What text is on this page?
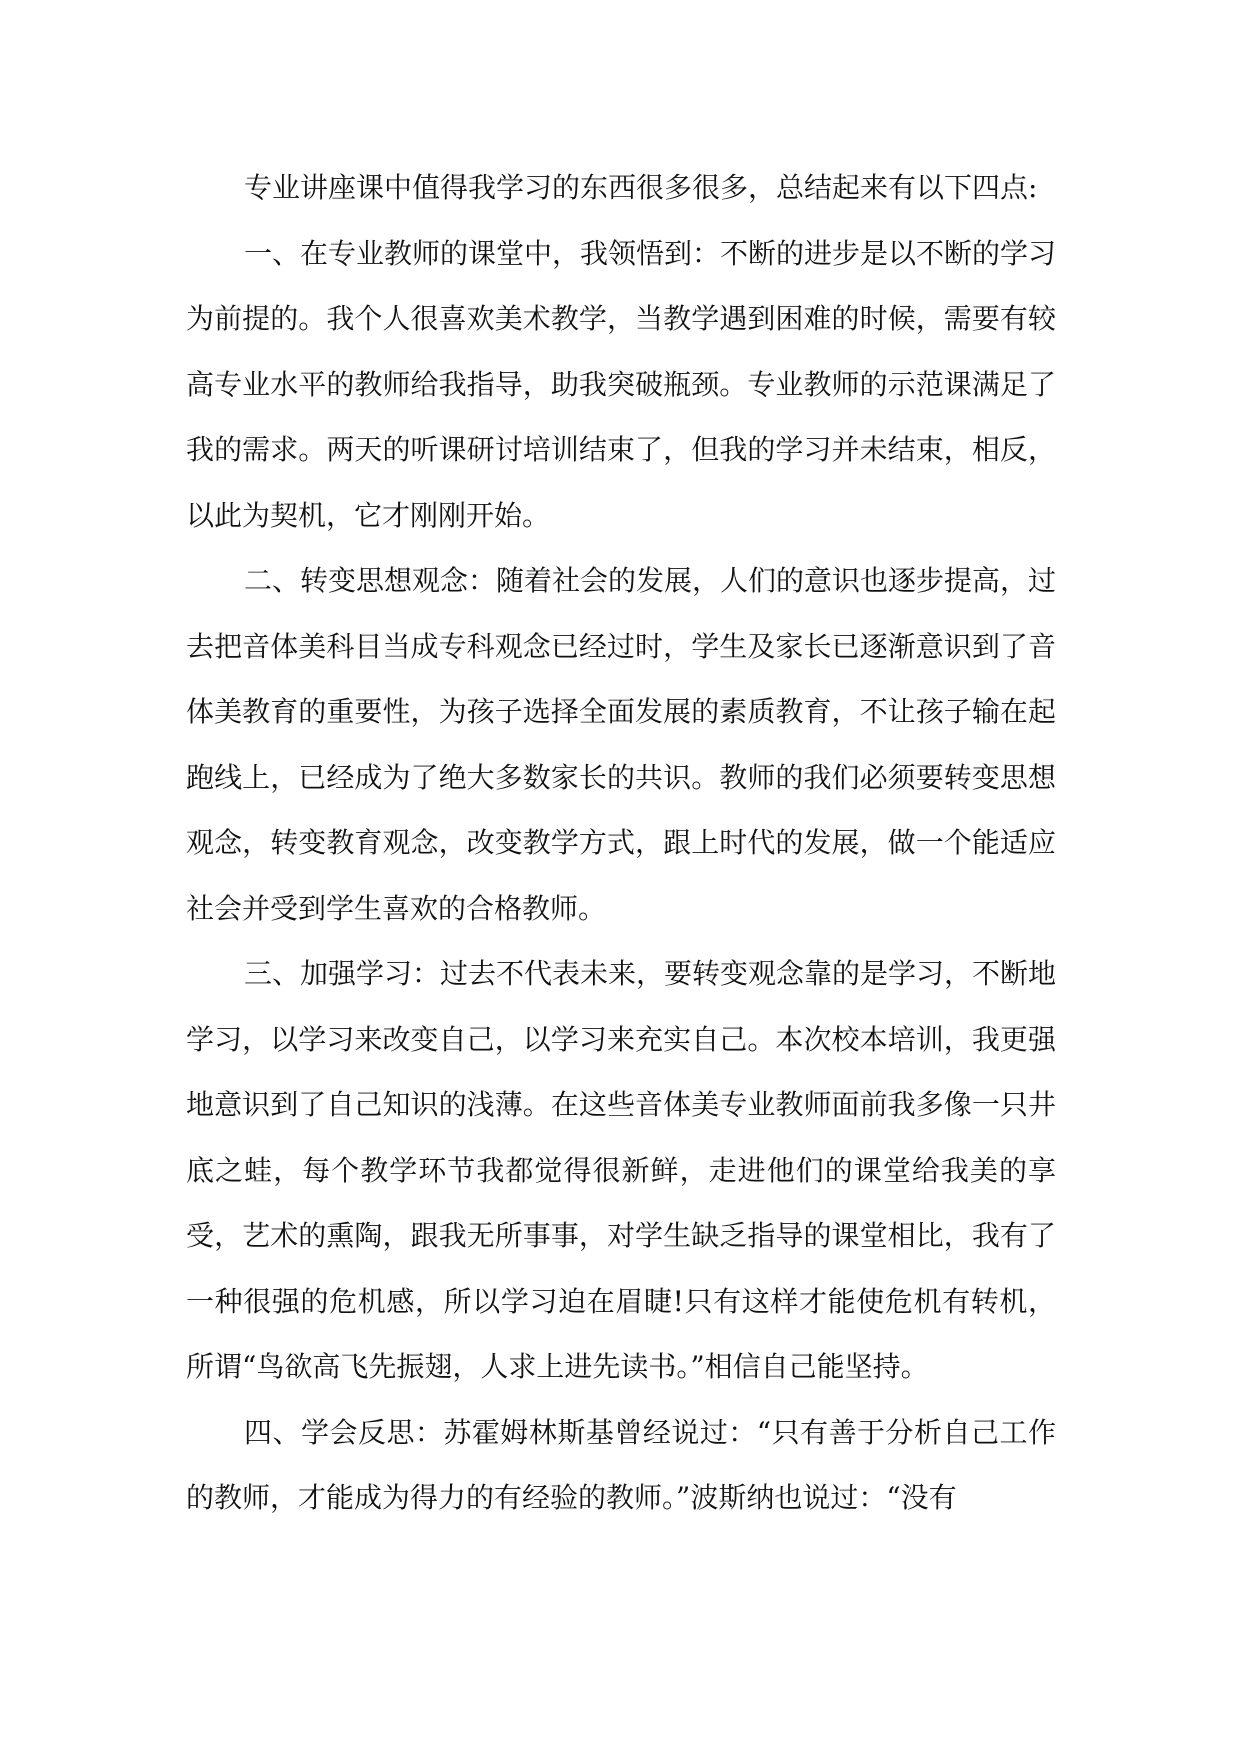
专业讲座课中值得我学习的东西很多很多，总结起来有以下四点:

一、在专业教师的课堂中，我领悟到：不断的进步是以不断的学习为前提的。我个人很喜欢美术教学，当教学遇到困难的时候，需要有较高专业水平的教师给我指导，助我突破瓶颈。专业教师的示范课满足了我的需求。两天的听课研讨培训结束了，但我的学习并未结束，相反，以此为契机，它才刚刚开始。

二、转变思想观念：随着社会的发展，人们的意识也逐步提高，过去把音体美科目当成专科观念已经过时，学生及家长已逐渐意识到了音体美教育的重要性，为孩子选择全面发展的素质教育，不让孩子输在起跑线上，已经成为了绝大多数家长的共识。教师的我们必须要转变思想观念，转变教育观念，改变教学方式，跟上时代的发展，做一个能适应社会并受到学生喜欢的合格教师。

三、加强学习：过去不代表未来，要转变观念靠的是学习，不断地学习，以学习来改变自己，以学习来充实自己。本次校本培训，我更强地意识到了自己知识的浅薄。在这些音体美专业教师面前我多像一只井底之蛙，每个教学环节我都觉得很新鲜，走进他们的课堂给我美的享受，艺术的熏陶，跟我无所事事，对学生缺乏指导的课堂相比，我有了一种很强的危机感，所以学习迫在眉睫!只有这样才能使危机有转机，所谓“鸟欲高飞先振翅，人求上进先读书。”相信自己能坚持。

四、学会反思：苏霍姆林斯基曾经说过：“只有善于分析自己工作的教师，才能成为得力的有经验的教师。”波斯纳也说过：“没有
